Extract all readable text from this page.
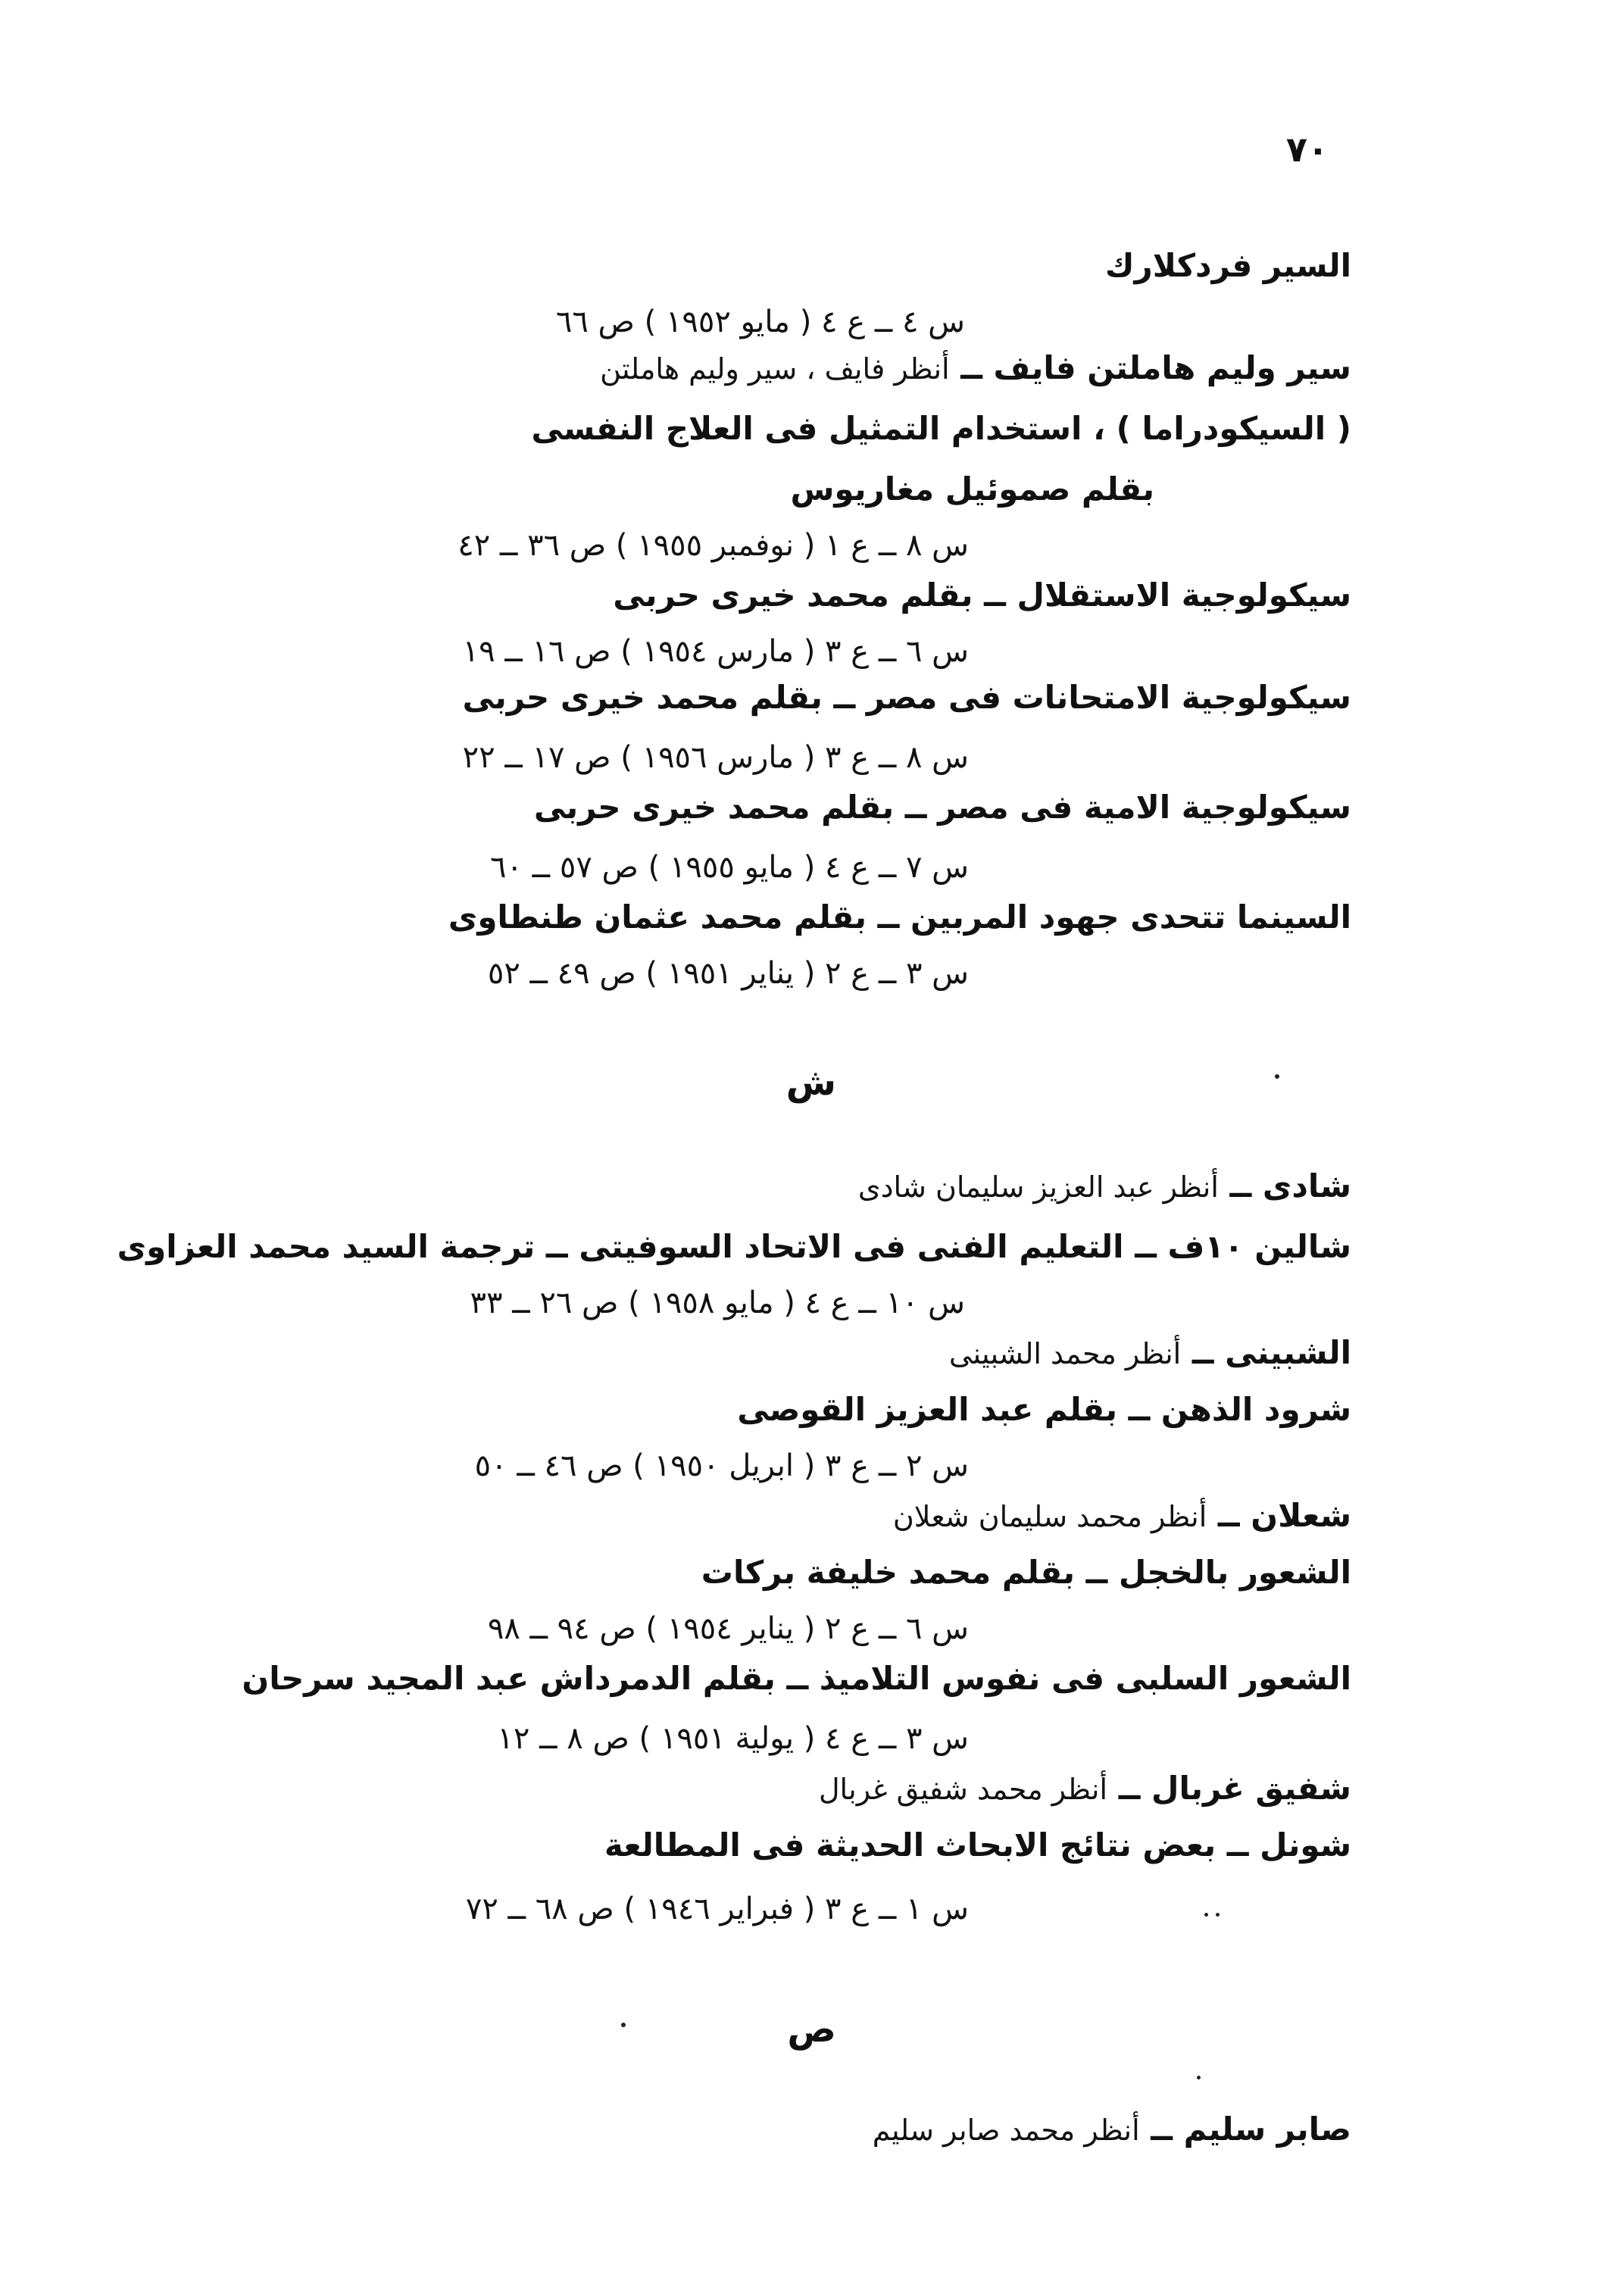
٧٠
السير فردكلارك
س ٤ ــ ع ٤ ( مايو ١٩٥٢ ) ص ٦٦
سير وليم هاملتن فايف ــ أنظر فايف ، سير وليم هاملتن
( السيكودراما ) ، استخدام التمثيل فى العلاج النفسى
بقلم صموئيل مغاريوس
س ٨ ــ ع ١ ( نوفمبر ١٩٥٥ ) ص ٣٦ ــ ٤٢
سيكولوجية الاستقلال ــ بقلم محمد خيرى حربى
س ٦ ــ ع ٣ ( مارس ١٩٥٤ ) ص ١٦ ــ ١٩
سيكولوجية الامتحانات فى مصر ــ بقلم محمد خيرى حربى
س ٨ ــ ع ٣ ( مارس ١٩٥٦ ) ص ١٧ ــ ٢٢
سيكولوجية الامية فى مصر ــ بقلم محمد خيرى حربى
س ٧ ــ ع ٤ ( مايو ١٩٥٥ ) ص ٥٧ ــ ٦٠
السينما تتحدى جهود المربين ــ بقلم محمد عثمان طنطاوى
س ٣ ــ ع ٢ ( يناير ١٩٥١ ) ص ٤٩ ــ ٥٢
ش
شادى ــ أنظر عبد العزيز سليمان شادى
شالين ١٠ف ــ التعليم الفنى فى الاتحاد السوفيتى ــ ترجمة السيد محمد العزاوى
س ١٠ ــ ع ٤ ( مايو ١٩٥٨ ) ص ٢٦ ــ ٣٣
الشبينى ــ أنظر محمد الشبينى
شرود الذهن ــ بقلم عبد العزيز القوصى
س ٢ ــ ع ٣ ( ابريل ١٩٥٠ ) ص ٤٦ ــ ٥٠
شعلان ــ أنظر محمد سليمان شعلان
الشعور بالخجل ــ بقلم محمد خليفة بركات
س ٦ ــ ع ٢ ( يناير ١٩٥٤ ) ص ٩٤ ــ ٩٨
الشعور السلبى فى نفوس التلاميذ ــ بقلم الدمرداش عبد المجيد سرحان
س ٣ ــ ع ٤ ( يولية ١٩٥١ ) ص ٨ ــ ١٢
شفيق غربال ــ أنظر محمد شفيق غربال
شونل ــ بعض نتائج الابحاث الحديثة فى المطالعة
س ١ ــ ع ٣ ( فبراير ١٩٤٦ ) ص ٦٨ ــ ٧٢
ص
صابر سليم ــ أنظر محمد صابر سليم
